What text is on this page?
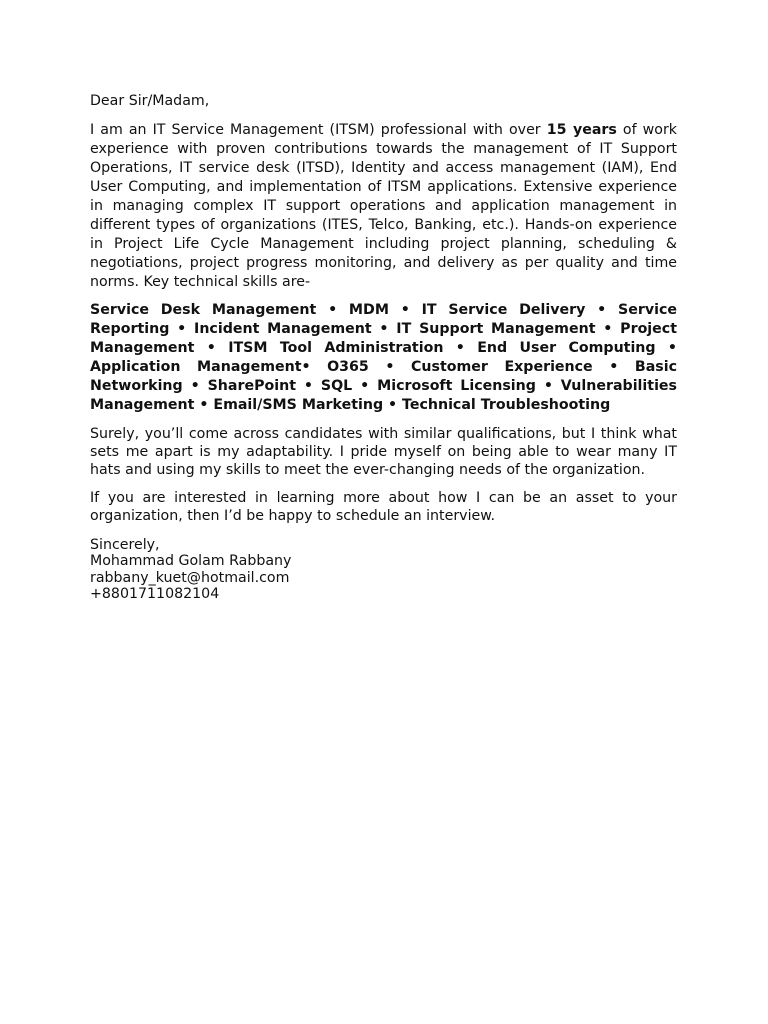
Dear Sir/Madam,

I am an IT Service Management (ITSM) professional with over 15 years of work experience with proven contributions towards the management of IT Support Operations, IT service desk (ITSD), Identity and access management (IAM), End User Computing, and implementation of ITSM applications. Extensive experience in managing complex IT support operations and application management in different types of organizations (ITES, Telco, Banking, etc.). Hands-on experience in Project Life Cycle Management including project planning, scheduling & negotiations, project progress monitoring, and delivery as per quality and time norms. Key technical skills are-

Service Desk Management • MDM • IT Service Delivery • Service Reporting • Incident Management • IT Support Management • Project Management • ITSM Tool Administration • End User Computing • Application Management• O365 • Customer Experience • Basic Networking • SharePoint • SQL • Microsoft Licensing • Vulnerabilities Management • Email/SMS Marketing • Technical Troubleshooting

Surely, you’ll come across candidates with similar qualifications, but I think what sets me apart is my adaptability. I pride myself on being able to wear many IT hats and using my skills to meet the ever-changing needs of the organization.

If you are interested in learning more about how I can be an asset to your organization, then I’d be happy to schedule an interview.

Sincerely,
Mohammad Golam Rabbany
rabbany_kuet@hotmail.com
+8801711082104
